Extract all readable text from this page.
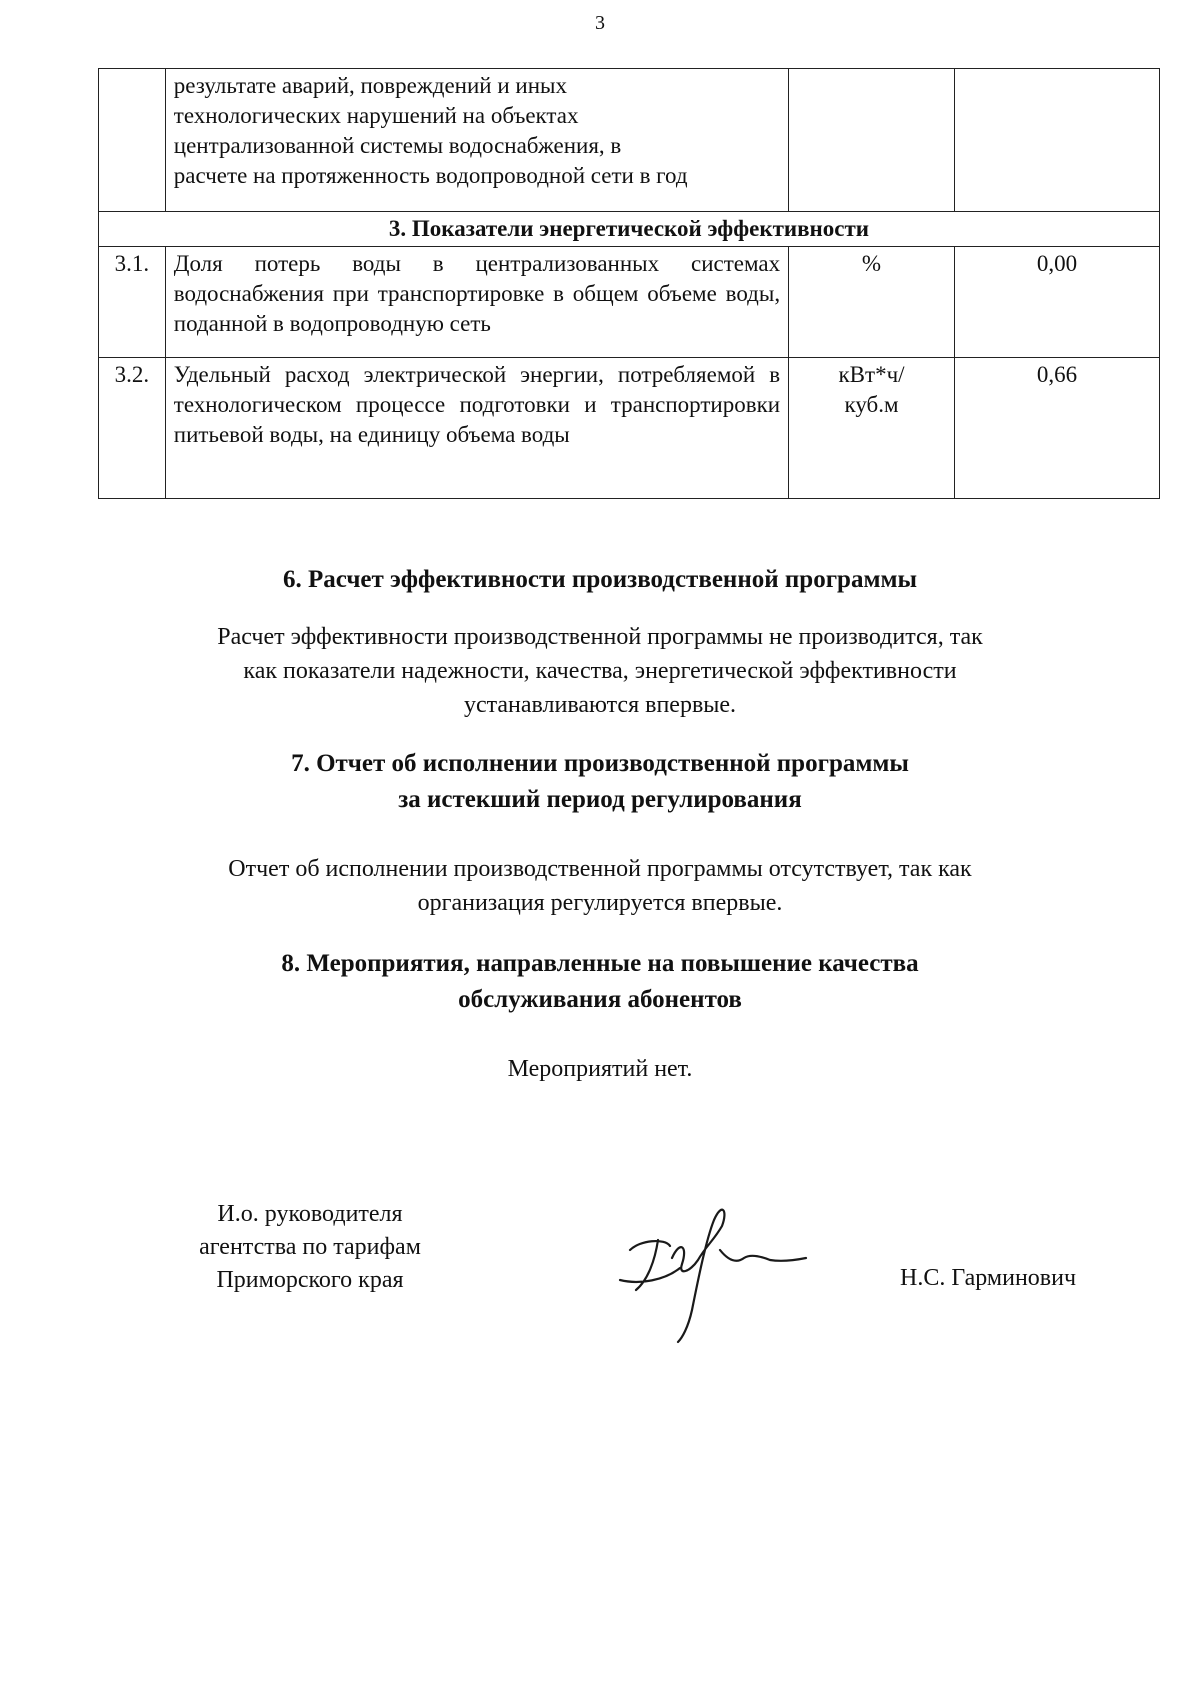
3

	результате аварий, повреждений и иных
технологических нарушений на объектах
централизованной системы водоснабжения, в
расчете на протяженность водопроводной сети в год		

3. Показатели энергетической эффективности			
3.1.	Доля потерь воды в централизованных системах водоснабжения при транспортировке в общем объеме воды, поданной в водопроводную сеть	%	0,00
3.2.	Удельный расход электрической энергии, потребляемой в технологическом процессе подготовки и транспортировки питьевой воды, на единицу объема воды	кВт*ч/
куб.м	0,66
6. Расчет эффективности производственной программы
Расчет эффективности производственной программы не производится, так
как показатели надежности, качества, энергетической эффективности
устанавливаются впервые.
7. Отчет об исполнении производственной программы
за истекший период регулирования
Отчет об исполнении производственной программы отсутствует, так как
организация регулируется впервые.
8. Мероприятия, направленные на повышение качества
обслуживания абонентов
Мероприятий нет.
И.о. руководителя
агентства по тарифам
Приморского края	Н.С. Гарминович
